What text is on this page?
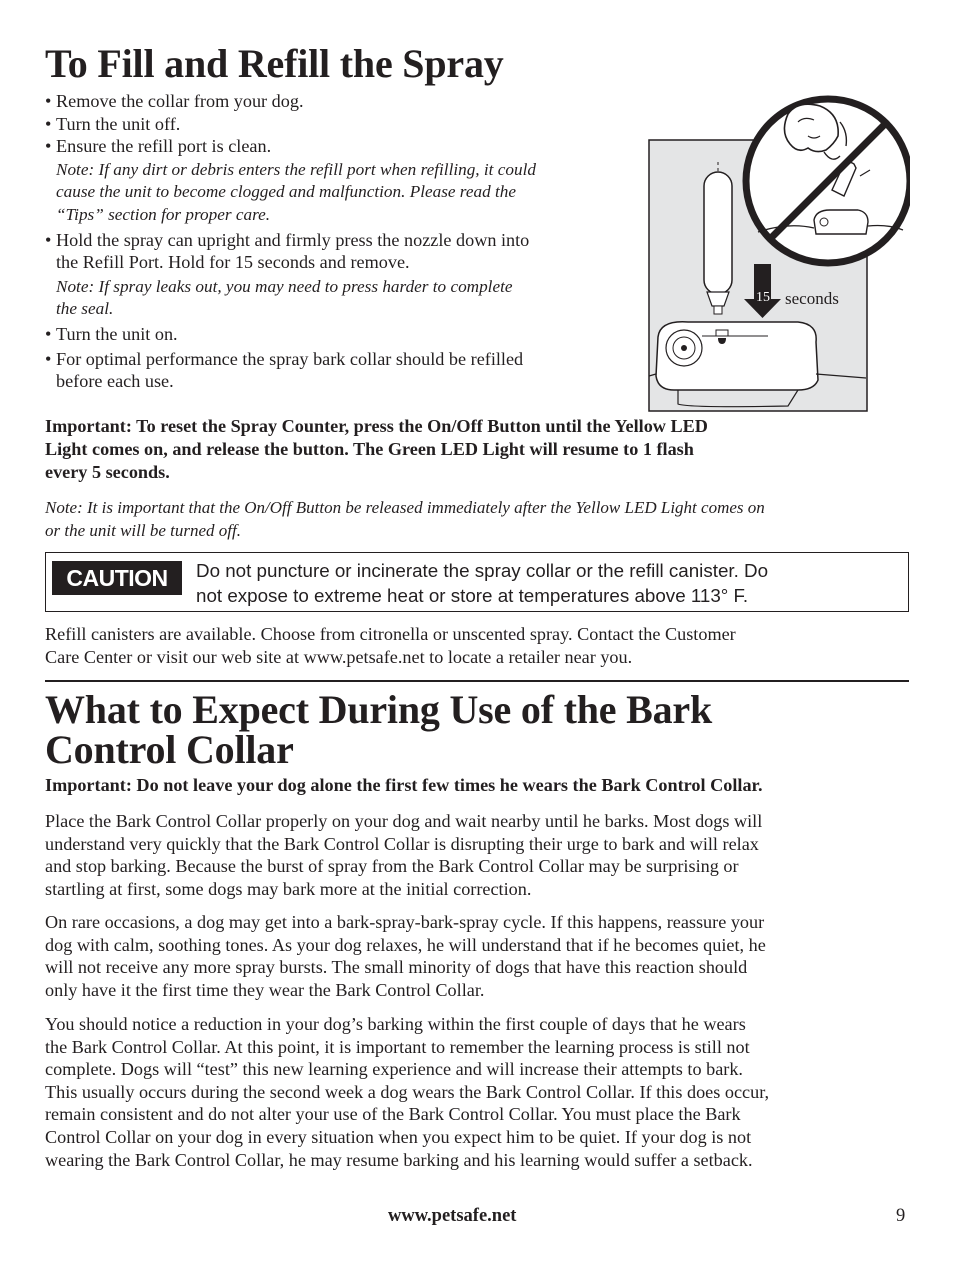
To Fill and Refill the Spray
• Remove the collar from your dog.
• Turn the unit off.
• Ensure the refill port is clean.
Note: If any dirt or debris enters the refill port when refilling, it could
cause the unit to become clogged and malfunction. Please read the
“Tips” section for proper care.
• Hold the spray can upright and firmly press the nozzle down into
the Refill Port. Hold for 15 seconds and remove.
Note: If spray leaks out, you may need to press harder to complete
the seal.
• Turn the unit on.
• For optimal performance the spray bark collar should be refilled
before each use.
15 seconds
Important: To reset the Spray Counter, press the On/Off Button until the Yellow LED
Light comes on, and release the button. The Green LED Light will resume to 1 flash
every 5 seconds.
Note: It is important that the On/Off Button be released immediately after the Yellow LED Light comes on
or the unit will be turned off.
CAUTION	Do not puncture or incinerate the spray collar or the refill canister. Do
not expose to extreme heat or store at temperatures above 113° F.
Refill canisters are available. Choose from citronella or unscented spray. Contact the Customer
Care Center or visit our web site at www.petsafe.net to locate a retailer near you.
What to Expect During Use of the Bark
Control Collar
Important: Do not leave your dog alone the first few times he wears the Bark Control Collar.
Place the Bark Control Collar properly on your dog and wait nearby until he barks. Most dogs will
understand very quickly that the Bark Control Collar is disrupting their urge to bark and will relax
and stop barking. Because the burst of spray from the Bark Control Collar may be surprising or
startling at first, some dogs may bark more at the initial correction.
On rare occasions, a dog may get into a bark-spray-bark-spray cycle. If this happens, reassure your
dog with calm, soothing tones. As your dog relaxes, he will understand that if he becomes quiet, he
will not receive any more spray bursts. The small minority of dogs that have this reaction should
only have it the first time they wear the Bark Control Collar.
You should notice a reduction in your dog’s barking within the first couple of days that he wears
the Bark Control Collar. At this point, it is important to remember the learning process is still not
complete. Dogs will “test” this new learning experience and will increase their attempts to bark.
This usually occurs during the second week a dog wears the Bark Control Collar. If this does occur,
remain consistent and do not alter your use of the Bark Control Collar. You must place the Bark
Control Collar on your dog in every situation when you expect him to be quiet. If your dog is not
wearing the Bark Control Collar, he may resume barking and his learning would suffer a setback.
www.petsafe.net	9
